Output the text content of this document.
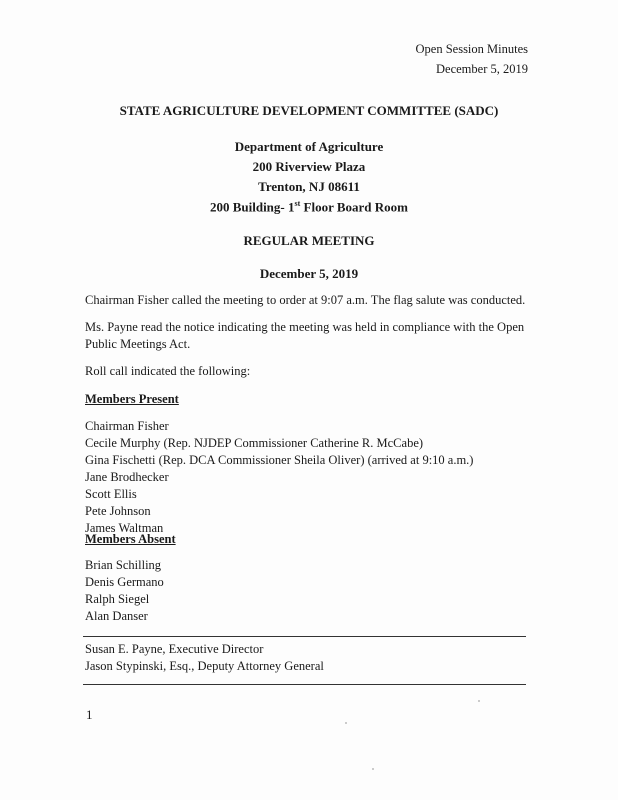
Open Session Minutes
December 5, 2019
STATE AGRICULTURE DEVELOPMENT COMMITTEE (SADC)
Department of Agriculture
200 Riverview Plaza
Trenton, NJ 08611
200 Building- 1st Floor Board Room
REGULAR MEETING
December 5, 2019
Chairman Fisher called the meeting to order at 9:07 a.m. The flag salute was conducted.
Ms. Payne read the notice indicating the meeting was held in compliance with the Open
Public Meetings Act.
Roll call indicated the following:
Members Present
Chairman Fisher
Cecile Murphy (Rep. NJDEP Commissioner Catherine R. McCabe)
Gina Fischetti (Rep. DCA Commissioner Sheila Oliver) (arrived at 9:10 a.m.)
Jane Brodhecker
Scott Ellis
Pete Johnson
James Waltman
Members Absent
Brian Schilling
Denis Germano
Ralph Siegel
Alan Danser
Susan E. Payne, Executive Director
Jason Stypinski, Esq., Deputy Attorney General
1
